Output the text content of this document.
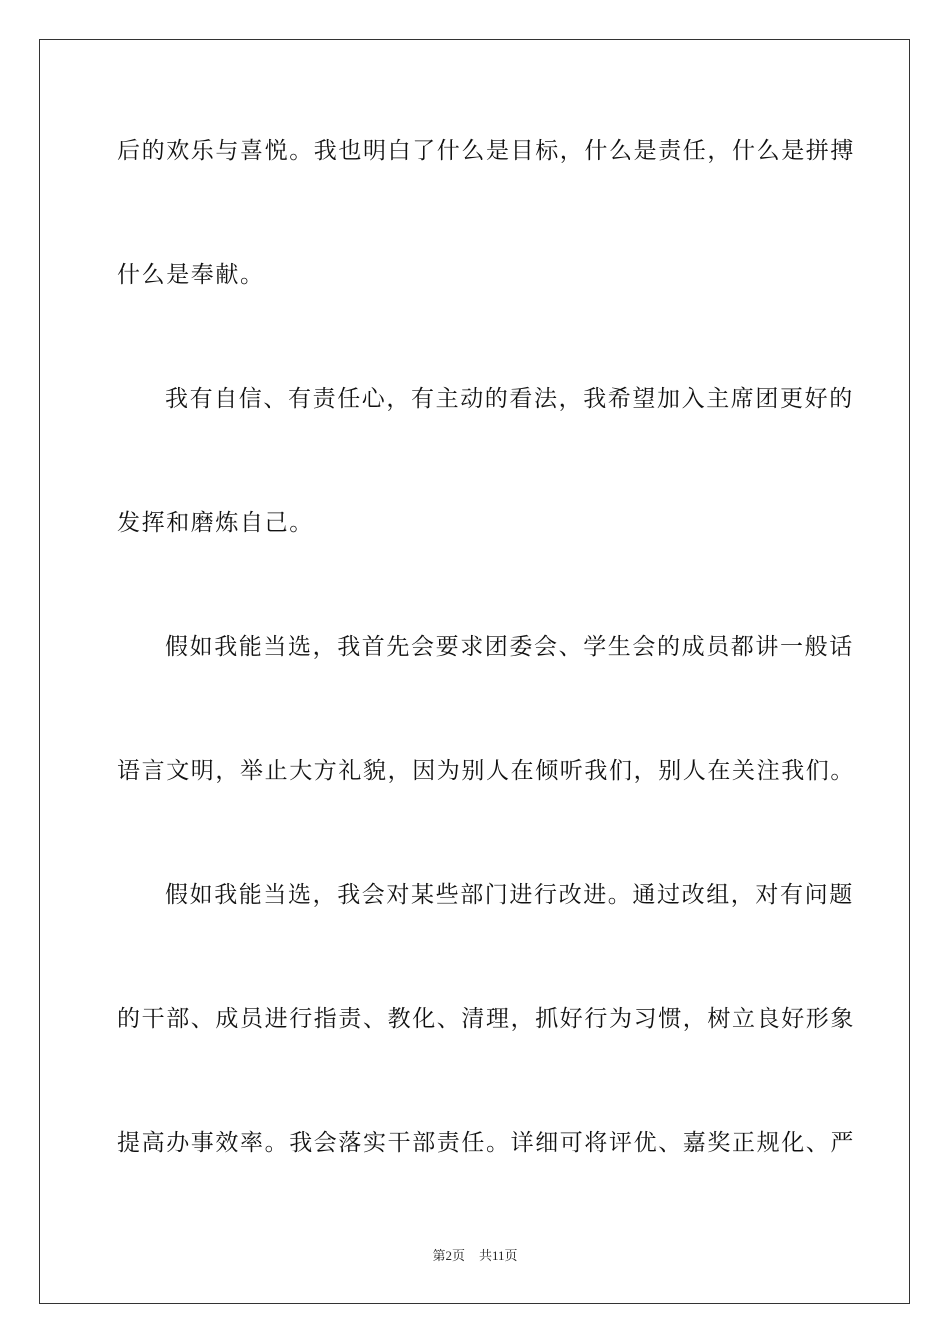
后的欢乐与喜悦。我也明白了什么是目标，什么是责任，什么是拼搏
什么是奉献。
我有自信、有责任心，有主动的看法，我希望加入主席团更好的
发挥和磨炼自己。
假如我能当选，我首先会要求团委会、学生会的成员都讲一般话
语言文明，举止大方礼貌，因为别人在倾听我们，别人在关注我们。
假如我能当选，我会对某些部门进行改进。通过改组，对有问题
的干部、成员进行指责、教化、清理，抓好行为习惯，树立良好形象
提高办事效率。我会落实干部责任。详细可将评优、嘉奖正规化、严
第2页 共11页
